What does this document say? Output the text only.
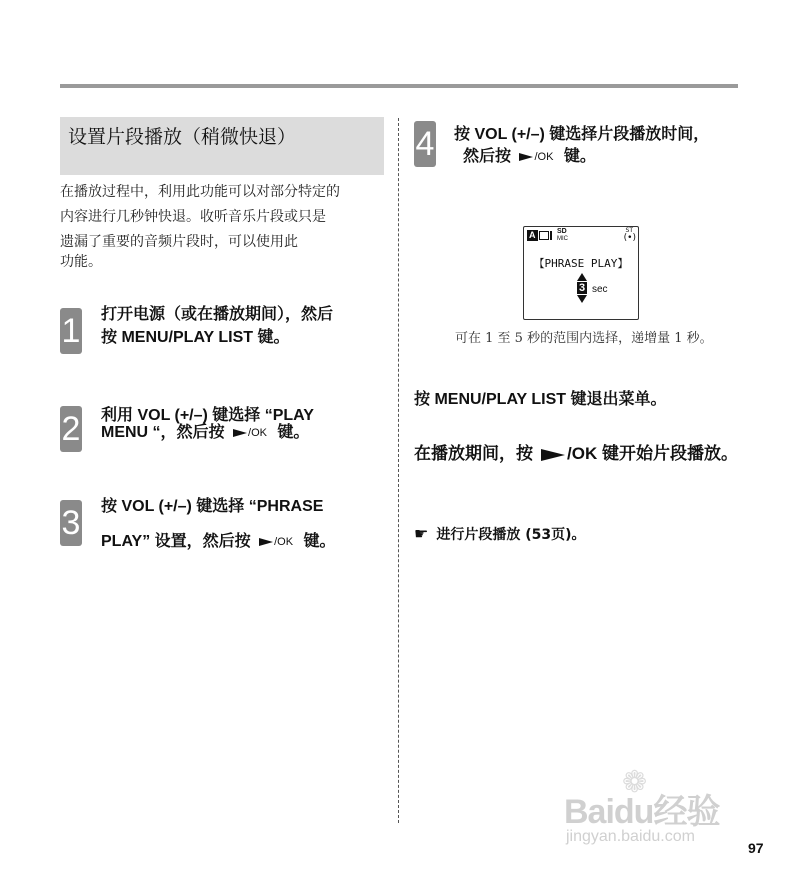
设置片段播放（稍微快退）
在播放过程中，利用此功能可以对部分特定的
内容进行几秒钟快退。收听音乐片段或只是
遗漏了重要的音频片段时，可以使用此
功能。
1 打开电源（或在播放期间），然后
按 MENU/PLAY LIST 键。
2 利用 VOL (+/–) 键选择 “PLAY
MENU “，然后按 /OK 键。
3 按 VOL (+/–) 键选择 “PHRASE
PLAY” 设置，然后按 /OK 键。
4 按 VOL (+/–) 键选择片段播放时间，
然后按 /OK 键。
A	SD
MIC
ST
(•)
【PHRASE PLAY】
3 sec
可在 1 至 5 秒的范围内选择，递增量 1 秒。
按 MENU/PLAY LIST 键退出菜单。
在播放期间，按 /OK 键开始片段播放。
☛ 进行片段播放 (53页)。
❁
Baidu经验
jingyan.baidu.com
97
